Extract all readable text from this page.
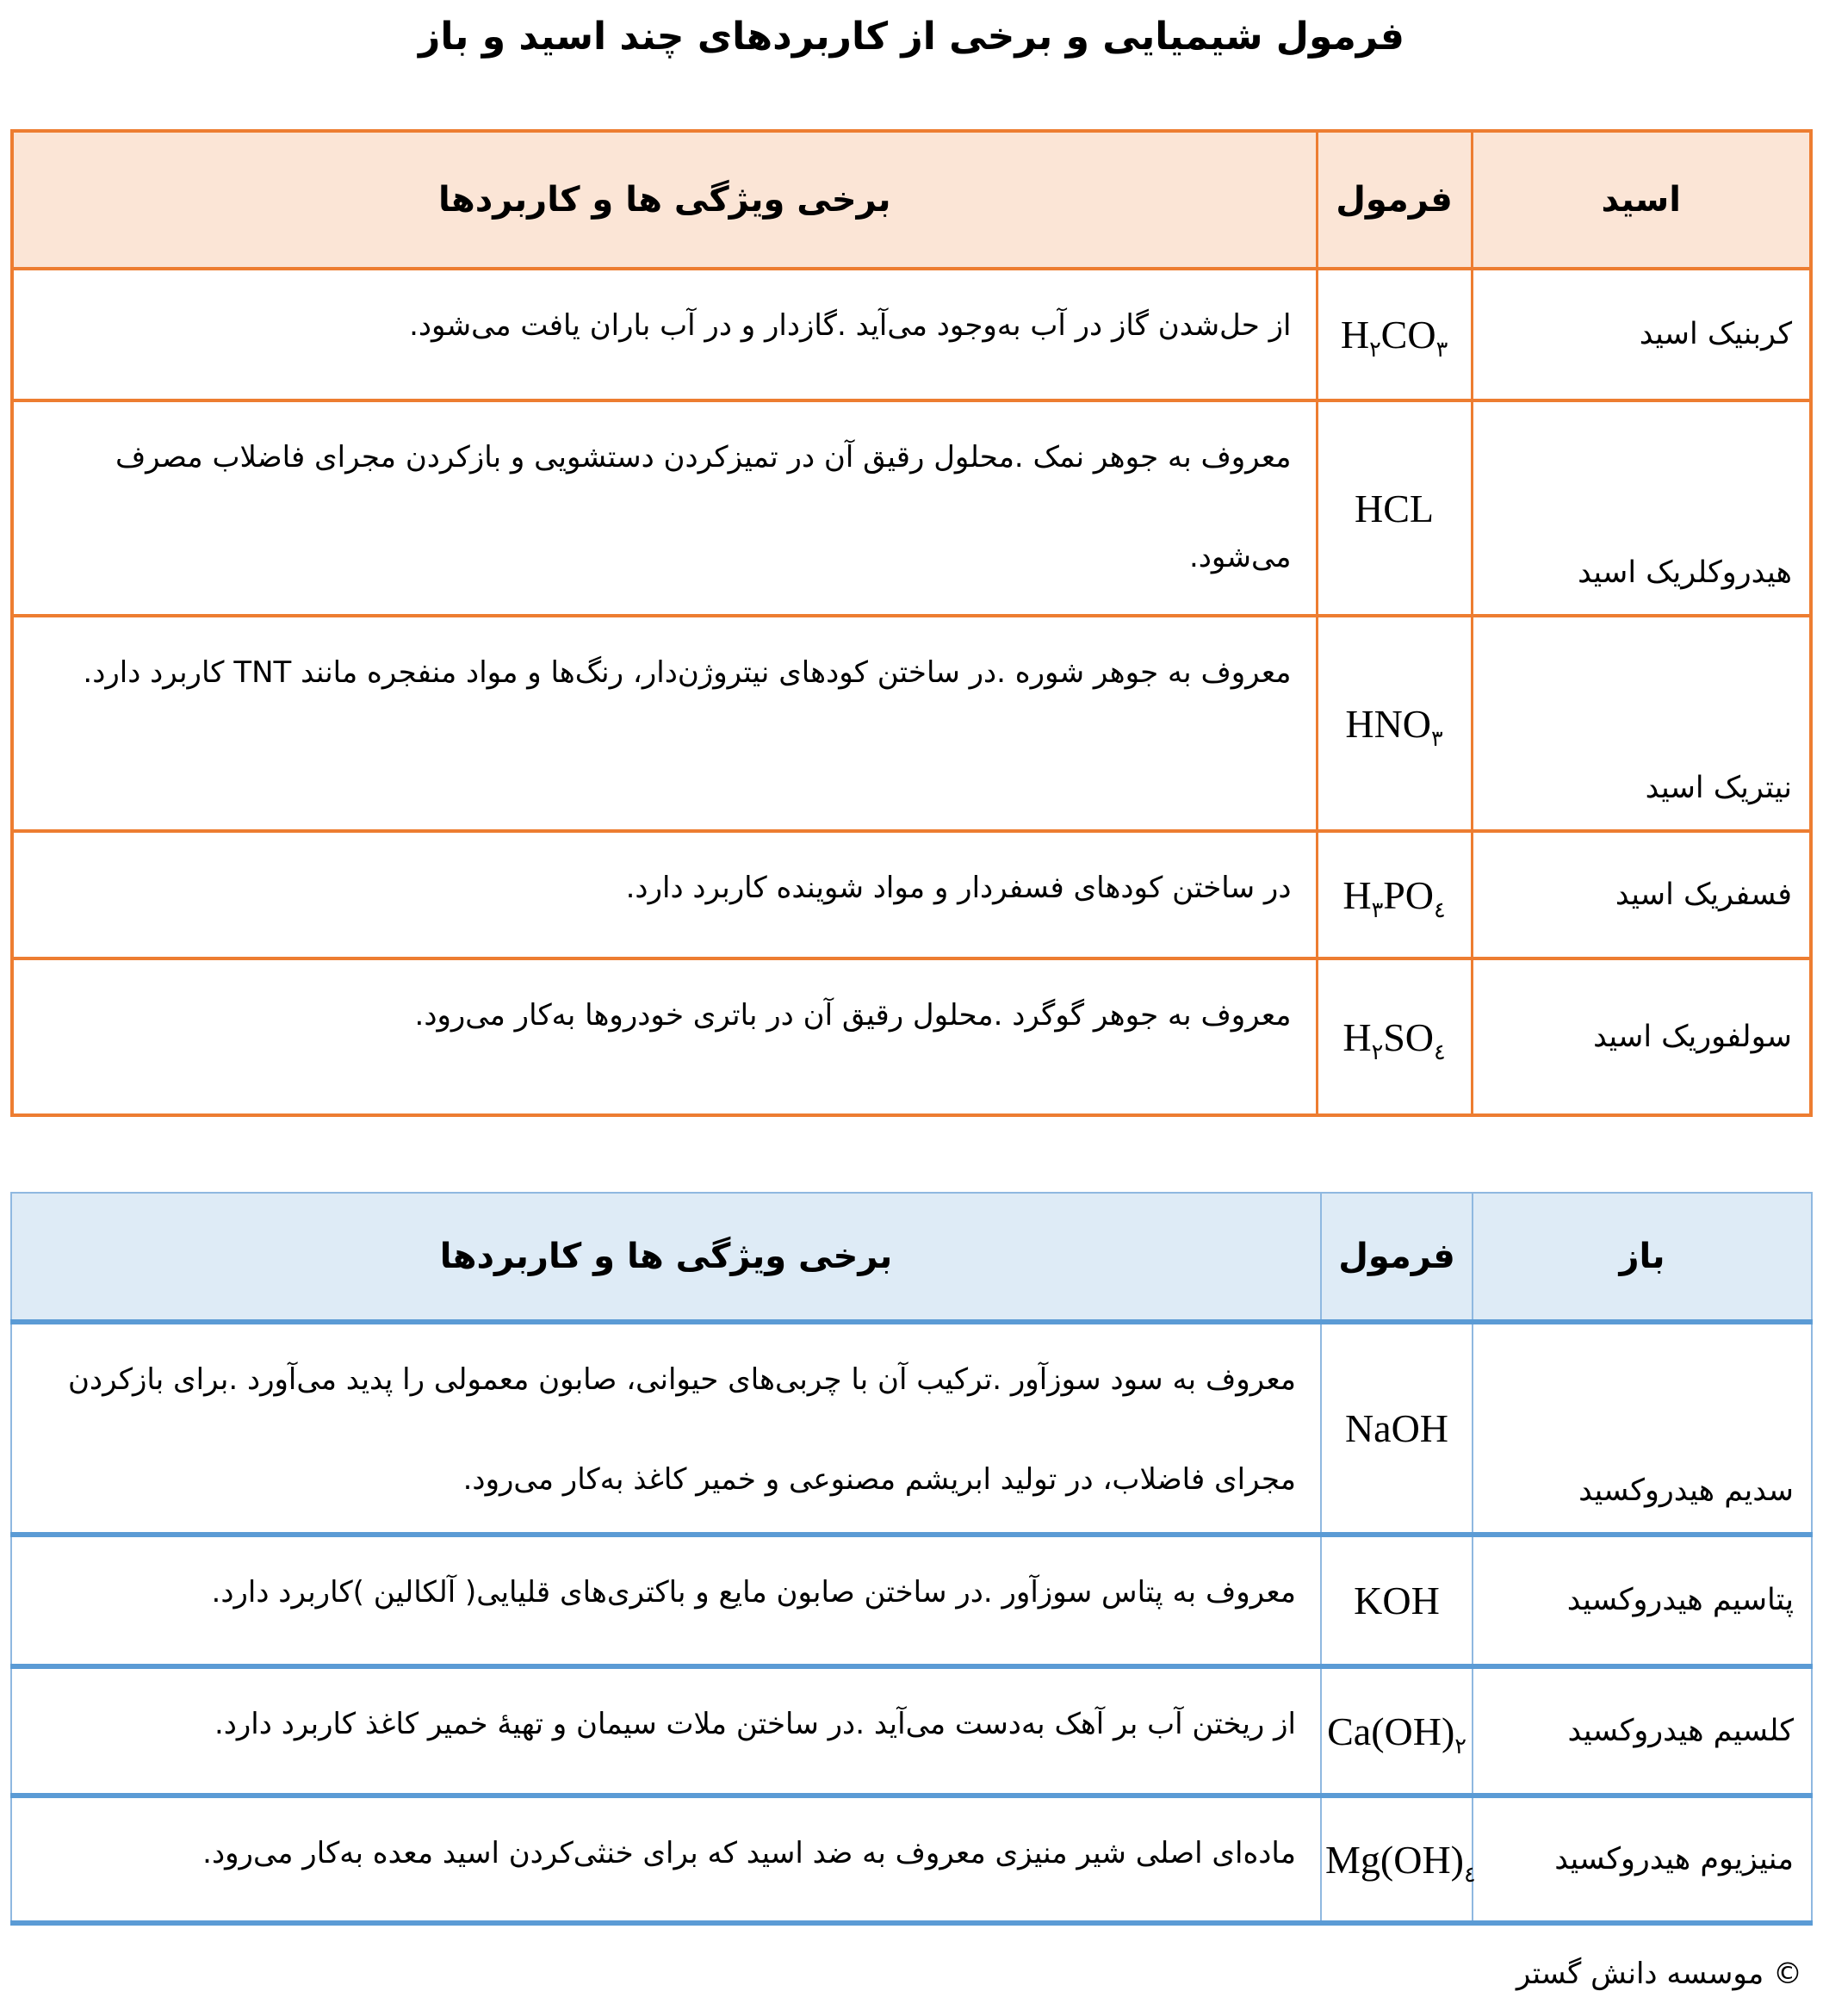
فرمول شیمیایی و برخی از کاربردهای چند اسید و باز
اسید	فرمول	برخی ویژگی ها و کاربردها
کربنیک اسید	$H_٢CO_٣$	از حل‌شدن گاز در آب به‌وجود می‌آید .گازدار و در آب باران یافت می‌شود.
هیدروکلریک اسید	HCL	معروف به جوهر نمک .محلول رقیق آن در تمیزکردن دستشویی و بازکردن مجرای فاضلاب مصرف می‌شود.
نیتریک اسید	$HNO_٣$	معروف به جوهر شوره .در ساختن کودهای نیتروژن‌دار، رنگ‌ها و مواد منفجره مانند TNT کاربرد دارد.
فسفریک اسید	$H_٣PO_٤$	در ساختن کودهای فسفردار و مواد شوینده کاربرد دارد.
سولفوریک اسید	$H_٢SO_٤$	معروف به جوهر گوگرد .محلول رقیق آن در باتری خودروها به‌کار می‌رود.
باز	فرمول	برخی ویژگی ها و کاربردها
سدیم هیدروکسید	NaOH	معروف به سود سوزآور .ترکیب آن با چربی‌های حیوانی، صابون معمولی را پدید می‌آورد .برای بازکردن مجرای فاضلاب، در تولید ابریشم مصنوعی و خمیر کاغذ به‌کار می‌رود.
پتاسیم هیدروکسید	KOH	معروف به پتاس سوزآور .در ساختن صابون مایع و باکتری‌های قلیایی( آلکالین )کاربرد دارد.
کلسیم هیدروکسید	$Ca(OH)_٢$	از ریختن آب بر آهک به‌دست می‌آید .در ساختن ملات سیمان و تهیهٔ خمیر کاغذ کاربرد دارد.
منیزیوم هیدروکسید	$Mg(OH)_٤$	ماده‌ای اصلی شیر منیزی معروف به ضد اسید که برای خنثی‌کردن اسید معده به‌کار می‌رود.
© موسسه دانش گستر
